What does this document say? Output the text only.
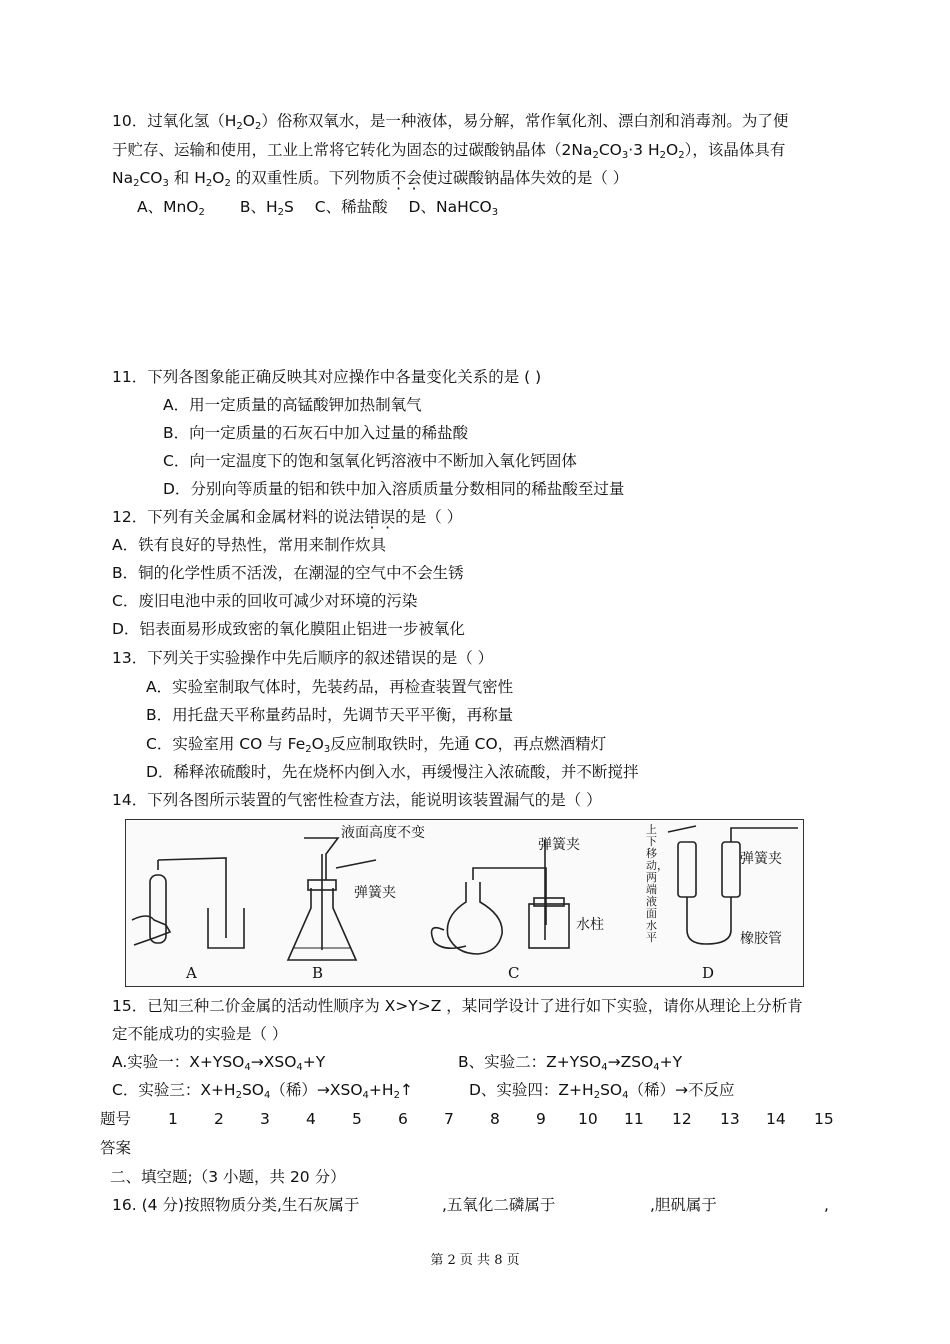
10．过氧化氢$(H_2O_2)$俗称双氧水，是一种液体，易分解，常作氧化剂、漂白剂和消毒剂。为了便
于贮存、运输和使用，工业上常将它转化为固态的过碳酸钠晶体（$2Na_2CO_3\cdot 3$ $H_2O_2$），该晶体具有
$Na_2CO_3$ 和 $H_2O_2$ 的双重性质。下列物质不会使过碳酸钠晶体失效的是（ ）
A、MnO$_2$ B、$H_2S$ C、稀盐酸 D、NaHCO$_3$
11．下列各图象能正确反映其对应操作中各量变化关系的是 ( )
A．用一定质量的高锰酸钾加热制氧气
B．向一定质量的石灰石中加入过量的稀盐酸
C．向一定温度下的饱和氢氧化钙溶液中不断加入氧化钙固体
D．分别向等质量的铝和铁中加入溶质质量分数相同的稀盐酸至过量
12．下列有关金属和金属材料的说法错误的是（ ）
A．铁有良好的导热性，常用来制作炊具
B．铜的化学性质不活泼，在潮湿的空气中不会生锈
C．废旧电池中汞的回收可减少对环境的污染
D．铝表面易形成致密的氧化膜阻止铝进一步被氧化
13．下列关于实验操作中先后顺序的叙述错误的是（ ）
A．实验室制取气体时，先装药品，再检查装置气密性
B．用托盘天平称量药品时，先调节天平平衡，再称量
C．实验室用 CO 与 $Fe_2O_3$反应制取铁时，先通 CO，再点燃酒精灯
D．稀释浓硫酸时，先在烧杯内倒入水，再缓慢注入浓硫酸，并不断搅拌
14．下列各图所示装置的气密性检查方法，能说明该装置漏气的是（ ）
液面高度不变
弹簧夹
弹簧夹
水柱
弹簧夹
橡胶管
上下移动，两端液面水平
A	B	C	D
15．已知三种二价金属的活动性顺序为 X>Y>Z ，某同学设计了进行如下实验，请你从理论上分析肯
定不能成功的实验是（ ）
A.实验一：$X+YSO_4\to XSO_4+Y$	B、实验二：$Z+YSO_4\to ZSO_4+Y$
C．实验三：$X+H_2SO_4$（稀）$\to XSO_4+H_2↑$	D、实验四：$Z+H_2SO_4$（稀）→不反应
题号 1 2 3 4 5 6 7 8 9 10 11 12 13 14 15
答案
二、填空题;（3 小题，共 20 分）
16. (4 分)按照物质分类,生石灰属于	,五氧化二磷属于	,胆矾属于	,
第 2 页 共 8 页
